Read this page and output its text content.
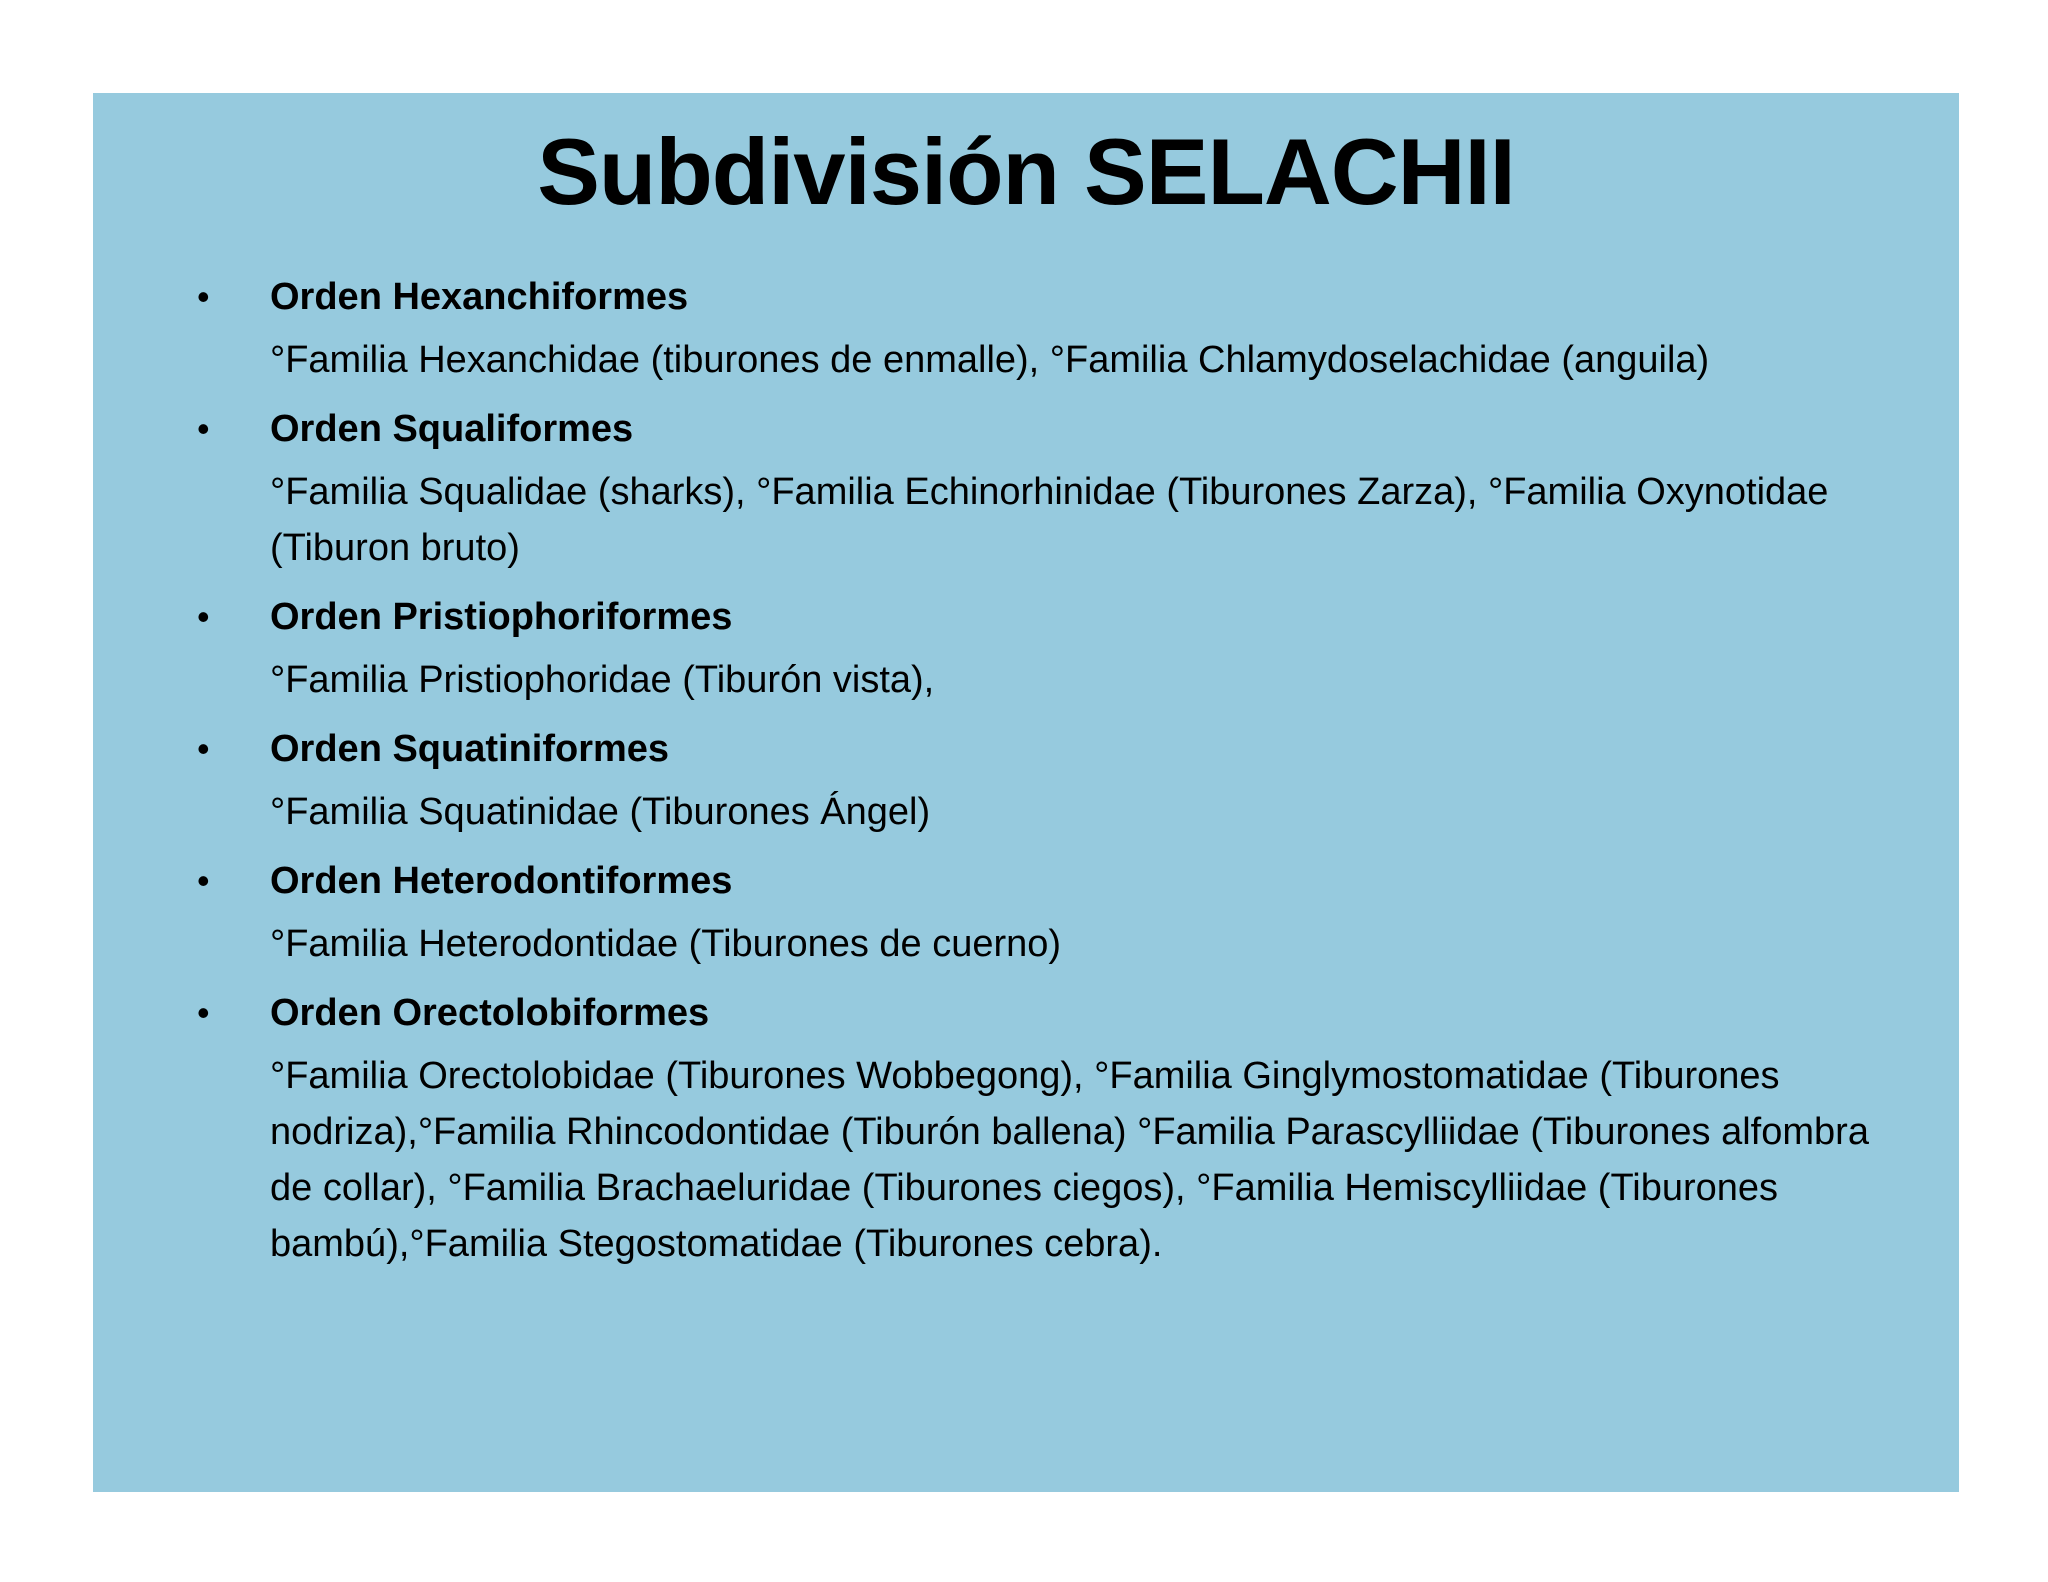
Subdivisión SELACHII
• Orden Hexanchiformes
°Familia Hexanchidae (tiburones de enmalle), °Familia Chlamydoselachidae (anguila)
• Orden Squaliformes
°Familia Squalidae (sharks), °Familia Echinorhinidae (Tiburones Zarza), °Familia Oxynotidae (Tiburon bruto)
• Orden Pristiophoriformes
°Familia Pristiophoridae (Tiburón vista),
• Orden Squatiniformes
°Familia Squatinidae (Tiburones Ángel)
• Orden Heterodontiformes
°Familia Heterodontidae (Tiburones de cuerno)
• Orden Orectolobiformes
°Familia Orectolobidae (Tiburones Wobbegong), °Familia Ginglymostomatidae (Tiburones nodriza),°Familia Rhincodontidae (Tiburón ballena) °Familia Parascylliidae (Tiburones alfombra de collar), °Familia Brachaeluridae (Tiburones ciegos), °Familia Hemiscylliidae (Tiburones bambú),°Familia Stegostomatidae (Tiburones cebra).
